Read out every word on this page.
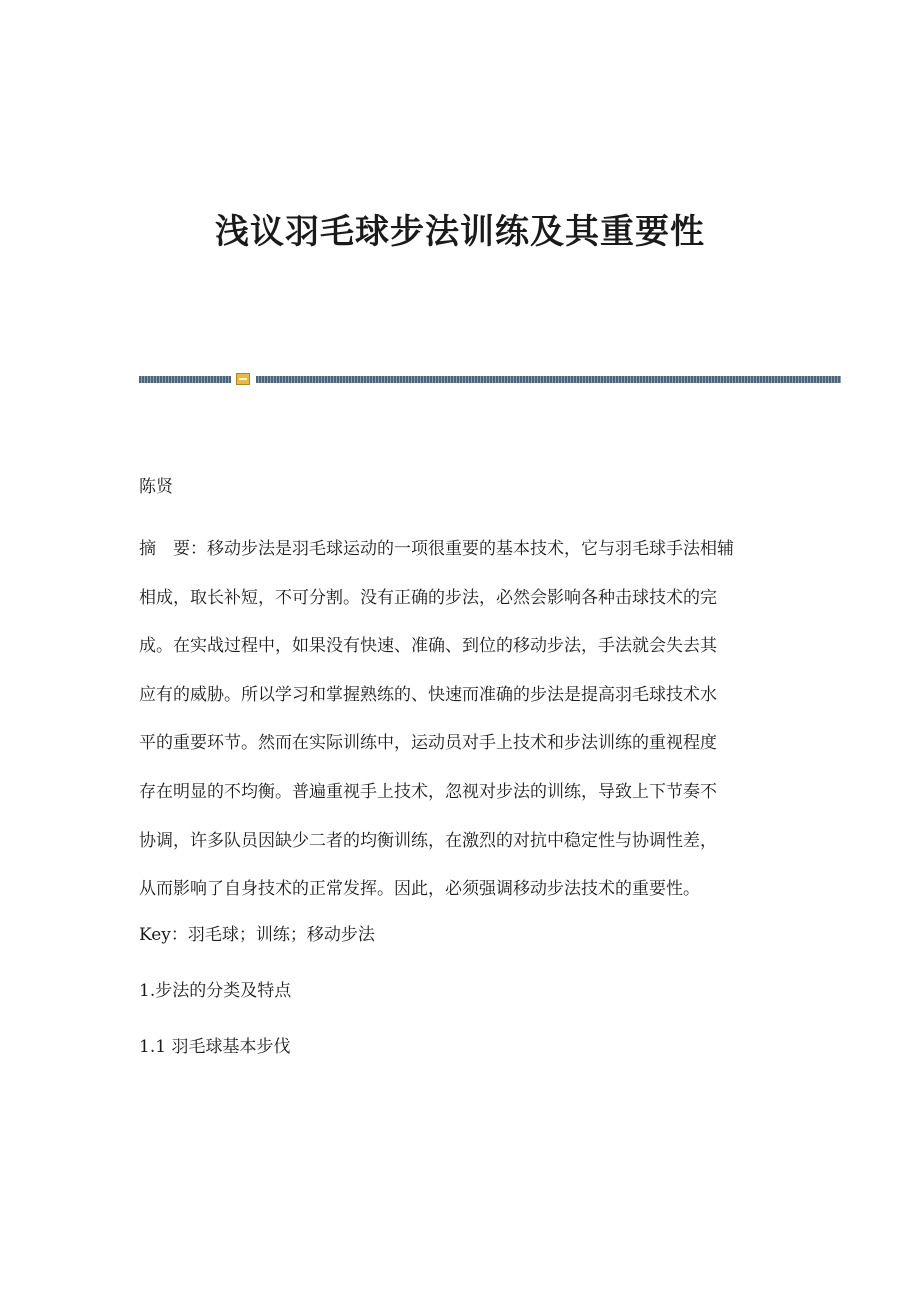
浅议羽毛球步法训练及其重要性

陈贤

摘　要：移动步法是羽毛球运动的一项很重要的基本技术，它与羽毛球手法相辅
相成，取长补短，不可分割。没有正确的步法，必然会影响各种击球技术的完
成。在实战过程中，如果没有快速、准确、到位的移动步法，手法就会失去其
应有的威胁。所以学习和掌握熟练的、快速而准确的步法是提高羽毛球技术水
平的重要环节。然而在实际训练中，运动员对手上技术和步法训练的重视程度
存在明显的不均衡。普遍重视手上技术，忽视对步法的训练，导致上下节奏不
协调，许多队员因缺少二者的均衡训练，在激烈的对抗中稳定性与协调性差，
从而影响了自身技术的正常发挥。因此，必须强调移动步法技术的重要性。

Key：羽毛球；训练；移动步法

1.步法的分类及特点

1.1 羽毛球基本步伐
